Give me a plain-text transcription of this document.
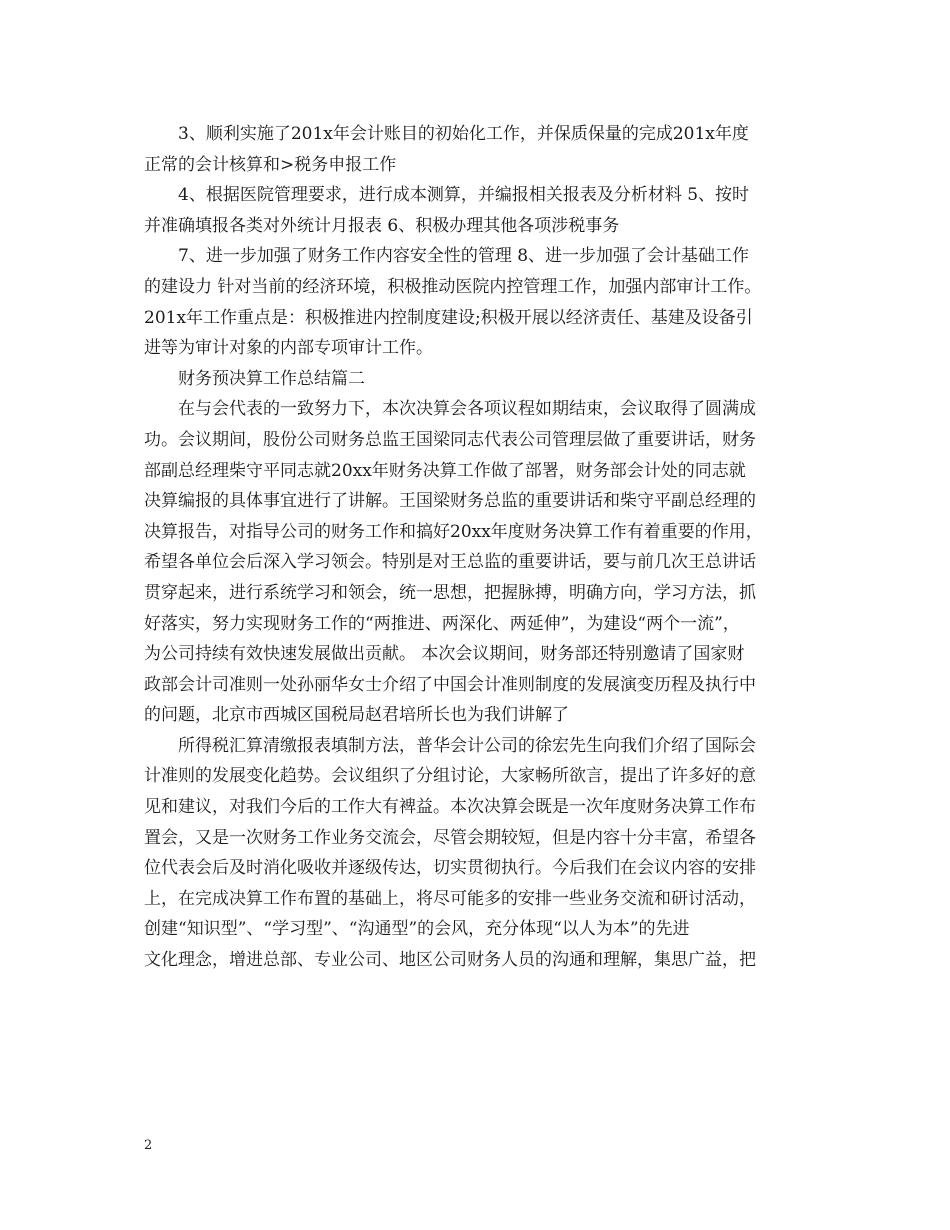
3、顺利实施了201x年会计账目的初始化工作，并保质保量的完成201x年度
正常的会计核算和>税务申报工作
4、根据医院管理要求，进行成本测算，并编报相关报表及分析材料 5、按时
并准确填报各类对外统计月报表 6、积极办理其他各项涉税事务
7、进一步加强了财务工作内容安全性的管理 8、进一步加强了会计基础工作
的建设力 针对当前的经济环境，积极推动医院内控管理工作，加强内部审计工作。
201x年工作重点是：积极推进内控制度建设;积极开展以经济责任、基建及设备引
进等为审计对象的内部专项审计工作。
财务预决算工作总结篇二
在与会代表的一致努力下，本次决算会各项议程如期结束，会议取得了圆满成
功。会议期间，股份公司财务总监王国梁同志代表公司管理层做了重要讲话，财务
部副总经理柴守平同志就20xx年财务决算工作做了部署，财务部会计处的同志就
决算编报的具体事宜进行了讲解。王国梁财务总监的重要讲话和柴守平副总经理的
决算报告，对指导公司的财务工作和搞好20xx年度财务决算工作有着重要的作用，
希望各单位会后深入学习领会。特别是对王总监的重要讲话，要与前几次王总讲话
贯穿起来，进行系统学习和领会，统一思想，把握脉搏，明确方向，学习方法，抓
好落实，努力实现财务工作的“两推进、两深化、两延伸”，为建设“两个一流”，
为公司持续有效快速发展做出贡献。 本次会议期间，财务部还特别邀请了国家财
政部会计司准则一处孙丽华女士介绍了中国会计准则制度的发展演变历程及执行中
的问题，北京市西城区国税局赵君培所长也为我们讲解了
所得税汇算清缴报表填制方法，普华会计公司的徐宏先生向我们介绍了国际会
计准则的发展变化趋势。会议组织了分组讨论，大家畅所欲言，提出了许多好的意
见和建议，对我们今后的工作大有裨益。本次决算会既是一次年度财务决算工作布
置会，又是一次财务工作业务交流会，尽管会期较短，但是内容十分丰富，希望各
位代表会后及时消化吸收并逐级传达，切实贯彻执行。今后我们在会议内容的安排
上，在完成决算工作布置的基础上，将尽可能多的安排一些业务交流和研讨活动，
创建“知识型”、“学习型”、“沟通型”的会风，充分体现“以人为本”的先进
文化理念，增进总部、专业公司、地区公司财务人员的沟通和理解，集思广益，把
2
